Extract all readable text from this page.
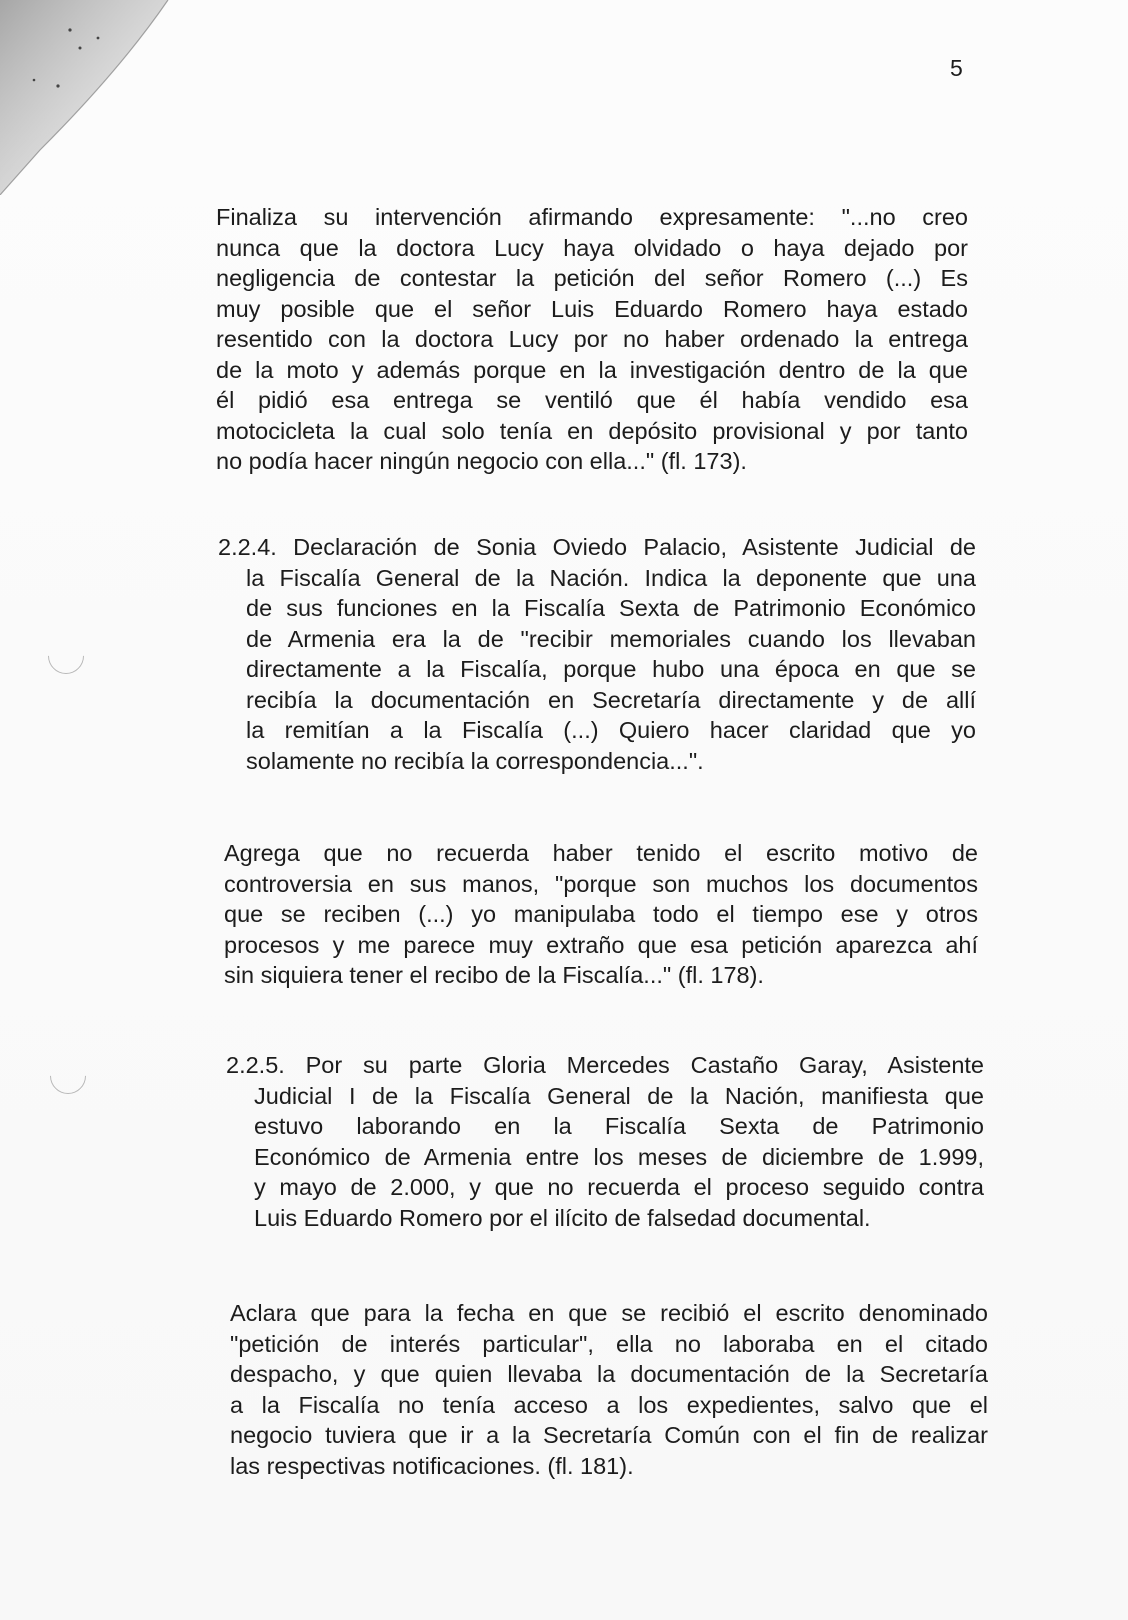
5

Finaliza su intervención afirmando expresamente: "...no creo
nunca que la doctora Lucy haya olvidado o haya dejado por
negligencia de contestar la petición del señor Romero (...) Es
muy posible que el señor Luis Eduardo Romero haya estado
resentido con la doctora Lucy por no haber ordenado la entrega
de la moto y además porque en la investigación dentro de la que
él pidió esa entrega se ventiló que él había vendido esa
motocicleta la cual solo tenía en depósito provisional y por tanto
no podía hacer ningún negocio con ella..." (fl. 173).
2.2.4. Declaración de Sonia Oviedo Palacio, Asistente Judicial de
la Fiscalía General de la Nación. Indica la deponente que una
de sus funciones en la Fiscalía Sexta de Patrimonio Económico
de Armenia era la de "recibir memoriales cuando los llevaban
directamente a la Fiscalía, porque hubo una época en que se
recibía la documentación en Secretaría directamente y de allí
la remitían a la Fiscalía (...) Quiero hacer claridad que yo
solamente no recibía la correspondencia...".
Agrega que no recuerda haber tenido el escrito motivo de
controversia en sus manos, "porque son muchos los documentos
que se reciben (...) yo manipulaba todo el tiempo ese y otros
procesos y me parece muy extraño que esa petición aparezca ahí
sin siquiera tener el recibo de la Fiscalía..." (fl. 178).
2.2.5. Por su parte Gloria Mercedes Castaño Garay, Asistente
Judicial I de la Fiscalía General de la Nación, manifiesta que
estuvo laborando en la Fiscalía Sexta de Patrimonio
Económico de Armenia entre los meses de diciembre de 1.999,
y mayo de 2.000, y que no recuerda el proceso seguido contra
Luis Eduardo Romero por el ilícito de falsedad documental.
Aclara que para la fecha en que se recibió el escrito denominado
"petición de interés particular", ella no laboraba en el citado
despacho, y que quien llevaba la documentación de la Secretaría
a la Fiscalía no tenía acceso a los expedientes, salvo que el
negocio tuviera que ir a la Secretaría Común con el fin de realizar
las respectivas notificaciones. (fl. 181).
